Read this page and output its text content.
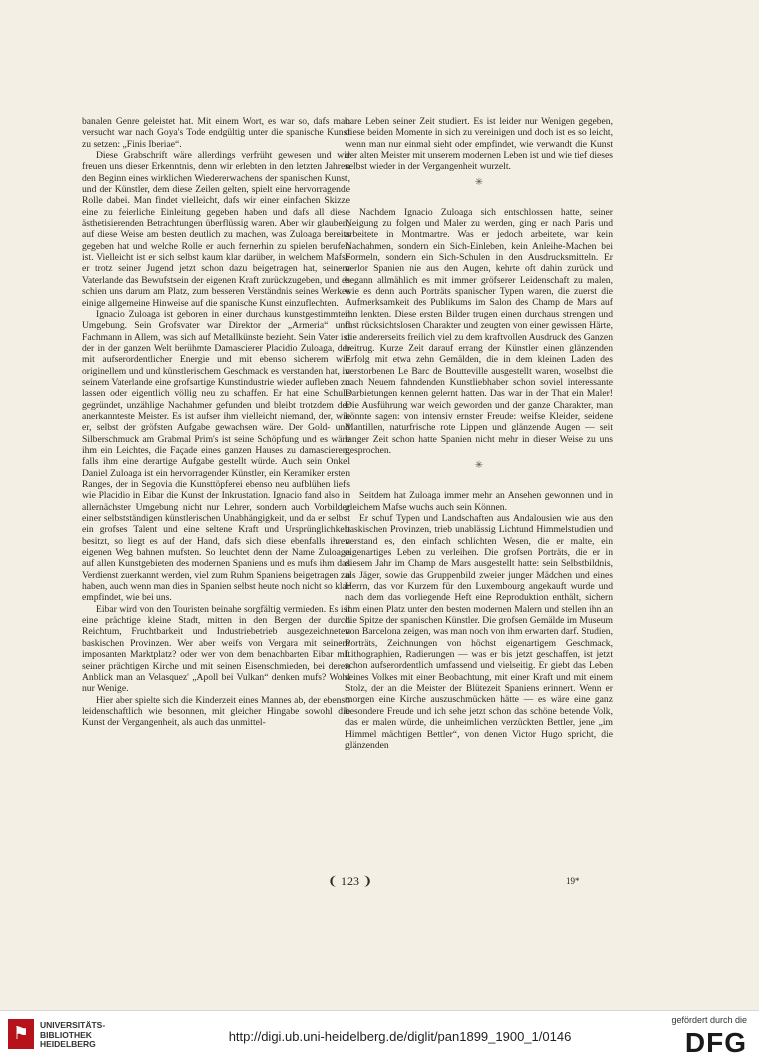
banalen Genre geleistet hat. Mit einem Wort, es war so, dafs man versucht war nach Goya's Tode endgültig unter die spanische Kunst zu setzen: „Finis Iberiae“.

Diese Grabschrift wäre allerdings verfrüht gewesen und wir freuen uns dieser Erkenntnis, denn wir erlebten in den letzten Jahren den Beginn eines wirklichen Wiedererwachens der spanischen Kunst, und der Künstler, dem diese Zeilen gelten, spielt eine hervorragende Rolle dabei. Man findet vielleicht, dafs wir einer einfachen Skizze eine zu feierliche Einleitung gegeben haben und dafs all diese ästhetisierenden Betrachtungen überflüssig waren. Aber wir glauben, auf diese Weise am besten deutlich zu machen, was Zuloaga bereits gegeben hat und welche Rolle er auch fernerhin zu spielen berufen ist. Vielleicht ist er sich selbst kaum klar darüber, in welchem Mafse er trotz seiner Jugend jetzt schon dazu beigetragen hat, seinem Vaterlande das Bewufstsein der eigenen Kraft zurückzugeben, und es schien uns darum am Platz, zum besseren Verständnis seines Werkes einige allgemeine Hinweise auf die spanische Kunst einzuflechten.

Ignacio Zuloaga ist geboren in einer durchaus kunstgestimmten Umgebung. Sein Grofsvater war Direktor der „Armeria“ und Fachmann in Allem, was sich auf Metallkünste bezieht. Sein Vater ist der in der ganzen Welt berühmte Damascierer Placidio Zuloaga, der mit aufserordentlicher Energie und mit ebenso sicherem wie originellem und und künstlerischem Geschmack es verstanden hat, in seinem Vaterlande eine grofsartige Kunstindustrie wieder aufleben zu lassen oder eigentlich völlig neu zu schaffen. Er hat eine Schule gegründet, unzählige Nachahmer gefunden und bleibt trotzdem der anerkannteste Meister. Es ist aufser ihm vielleicht niemand, der, wie er, selbst der gröfsten Aufgabe gewachsen wäre. Der Gold- und Silberschmuck am Grabmal Prim's ist seine Schöpfung und es wäre ihm ein Leichtes, die Façade eines ganzen Hauses zu damascieren, falls ihm eine derartige Aufgabe gestellt würde. Auch sein Onkel Daniel Zuloaga ist ein hervorragender Künstler, ein Keramiker ersten Ranges, der in Segovia die Kunsttöpferei ebenso neu aufblühen liefs wie Placidio in Eibar die Kunst der Inkrustation. Ignacio fand also in allernächster Umgebung nicht nur Lehrer, sondern auch Vorbilder einer selbstständigen künstlerischen Unabhängigkeit, und da er selbst ein grofses Talent und eine seltene Kraft und Ursprünglichkeit besitzt, so liegt es auf der Hand, dafs sich diese ebenfalls ihren eigenen Weg bahnen mufsten. So leuchtet denn der Name Zuloaga auf allen Kunstgebieten des modernen Spaniens und es mufs ihm das Verdienst zuerkannt werden, viel zum Ruhm Spaniens beigetragen zu haben, auch wenn man dies in Spanien selbst heute noch nicht so klar empfindet, wie bei uns.

Eibar wird von den Touristen beinahe sorgfältig vermieden. Es ist eine prächtige kleine Stadt, mitten in den Bergen der durch Reichtum, Fruchtbarkeit und Industriebetrieb ausgezeichneten baskischen Provinzen. Wer aber weifs von Vergara mit seinem imposanten Marktplatz? oder wer von dem benachbarten Eibar mit seiner prächtigen Kirche und mit seinen Eisenschmieden, bei deren Anblick man an Velasquez' „Apoll bei Vulkan“ denken mufs? Wohl nur Wenige.

Hier aber spielte sich die Kinderzeit eines Mannes ab, der ebenso leidenschaftlich wie besonnen, mit gleicher Hingabe sowohl die Kunst der Vergangenheit, als auch das unmittel-

bare Leben seiner Zeit studiert. Es ist leider nur Wenigen gegeben, diese beiden Momente in sich zu vereinigen und doch ist es so leicht, wenn man nur einmal sieht oder empfindet, wie verwandt die Kunst der alten Meister mit unserem modernen Leben ist und wie tief dieses selbst wieder in der Vergangenheit wurzelt.

✳

Nachdem Ignacio Zuloaga sich entschlossen hatte, seiner Neigung zu folgen und Maler zu werden, ging er nach Paris und arbeitete in Montmartre. Was er jedoch arbeitete, war kein Nachahmen, sondern ein Sich-Einleben, kein Anleihe-Machen bei Formeln, sondern ein Sich-Schulen in den Ausdrucksmitteln. Er verlor Spanien nie aus den Augen, kehrte oft dahin zurück und begann allmählich es mit immer gröfserer Leidenschaft zu malen, wie es denn auch Porträts spanischer Typen waren, die zuerst die Aufmerksamkeit des Publikums im Salon des Champ de Mars auf ihn lenkten. Diese ersten Bilder trugen einen durchaus strengen und fast rücksichtslosen Charakter und zeugten von einer gewissen Härte, die andererseits freilich viel zu dem kraftvollen Ausdruck des Ganzen beitrug. Kurze Zeit darauf errang der Künstler einen glänzenden Erfolg mit etwa zehn Gemälden, die in dem kleinen Laden des verstorbenen Le Barc de Boutteville ausgestellt waren, woselbst die nach Neuem fahndenden Kunstliebhaber schon soviel interessante Darbietungen kennen gelernt hatten. Das war in der That ein Maler! Die Ausführung war weich geworden und der ganze Charakter, man könnte sagen: von intensiv ernster Freude: weifse Kleider, seidene Mantillen, naturfrische rote Lippen und glänzende Augen — seit langer Zeit schon hatte Spanien nicht mehr in dieser Weise zu uns gesprochen.

✳

Seitdem hat Zuloaga immer mehr an Ansehen gewonnen und in gleichem Mafse wuchs auch sein Können.

Er schuf Typen und Landschaften aus Andalousien wie aus den baskischen Provinzen, trieb unablässig Lichtund Himmelstudien und verstand es, den einfach schlichten Wesen, die er malte, ein eigenartiges Leben zu verleihen. Die grofsen Porträts, die er in diesem Jahr im Champ de Mars ausgestellt hatte: sein Selbstbildnis, als Jäger, sowie das Gruppenbild zweier junger Mädchen und eines Herrn, das vor Kurzem für den Luxembourg angekauft wurde und nach dem das vorliegende Heft eine Reproduktion enthält, sichern ihm einen Platz unter den besten modernen Malern und stellen ihn an die Spitze der spanischen Künstler. Die grofsen Gemälde im Museum von Barcelona zeigen, was man noch von ihm erwarten darf. Studien, Porträts, Zeichnungen von höchst eigenartigem Geschmack, Lithographien, Radierungen — was er bis jetzt geschaffen, ist jetzt schon aufserordentlich umfassend und vielseitig. Er giebt das Leben seines Volkes mit einer Beobachtung, mit einer Kraft und mit einem Stolz, der an die Meister der Blütezeit Spaniens erinnert. Wenn er morgen eine Kirche auszuschmücken hätte — es wäre eine ganz besondere Freude und ich sehe jetzt schon das schöne betende Volk, das er malen würde, die unheimlichen verzückten Bettler, jene „im Himmel mächtigen Bettler“, von denen Victor Hugo spricht, die glänzenden

❨ 123 ❩	19*
⚑	UNIVERSITÄTS-
BIBLIOTHEK
HEIDELBERG	http://digi.ub.uni-heidelberg.de/diglit/pan1899_1900_1/0146
gefördert durch die
DFG
